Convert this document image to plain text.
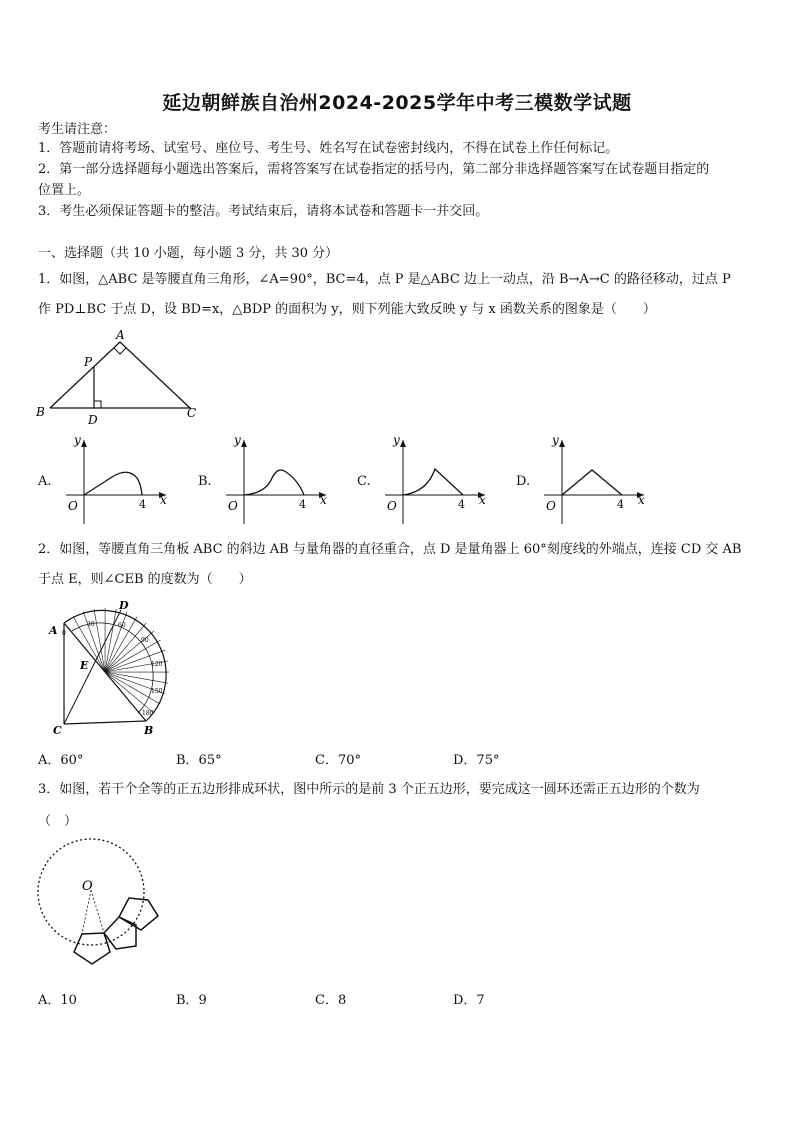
延边朝鲜族自治州2024-2025学年中考三模数学试题
考生请注意：
1．答题前请将考场、试室号、座位号、考生号、姓名写在试卷密封线内，不得在试卷上作任何标记。
2．第一部分选择题每小题选出答案后，需将答案写在试卷指定的括号内，第二部分非选择题答案写在试卷题目指定的
位置上。
3．考生必须保证答题卡的整洁。考试结束后，请将本试卷和答题卡一并交回。
一、选择题（共 10 小题，每小题 3 分，共 30 分）
1．如图，△ABC 是等腰直角三角形，∠A=90°，BC=4，点 P 是△ABC 边上一动点，沿 B→A→C 的路径移动，过点 P
作 PD⊥BC 于点 D，设 BD=x，△BDP 的面积为 y，则下列能大致反映 y 与 x 函数关系的图象是（　　）
A
P
B
D	C
A.
y
x
O	4
B.
y
x
O	4
C.
y
x
O	4
D.
y
x
O	4
2．如图，等腰直角三角板 ABC 的斜边 AB 与量角器的直径重合，点 D 是量角器上 60°刻度线的外端点，连接 CD 交 AB
于点 E，则∠CEB 的度数为（　　）
A
D
E
C	B
0
30	60
90
120
150
180
A．60°	B．65°	C．70°	D．75°
3．如图，若干个全等的正五边形排成环状，图中所示的是前 3 个正五边形，要完成这一圆环还需正五边形的个数为
（　）
O
A．10	B．9	C．8	D．7
